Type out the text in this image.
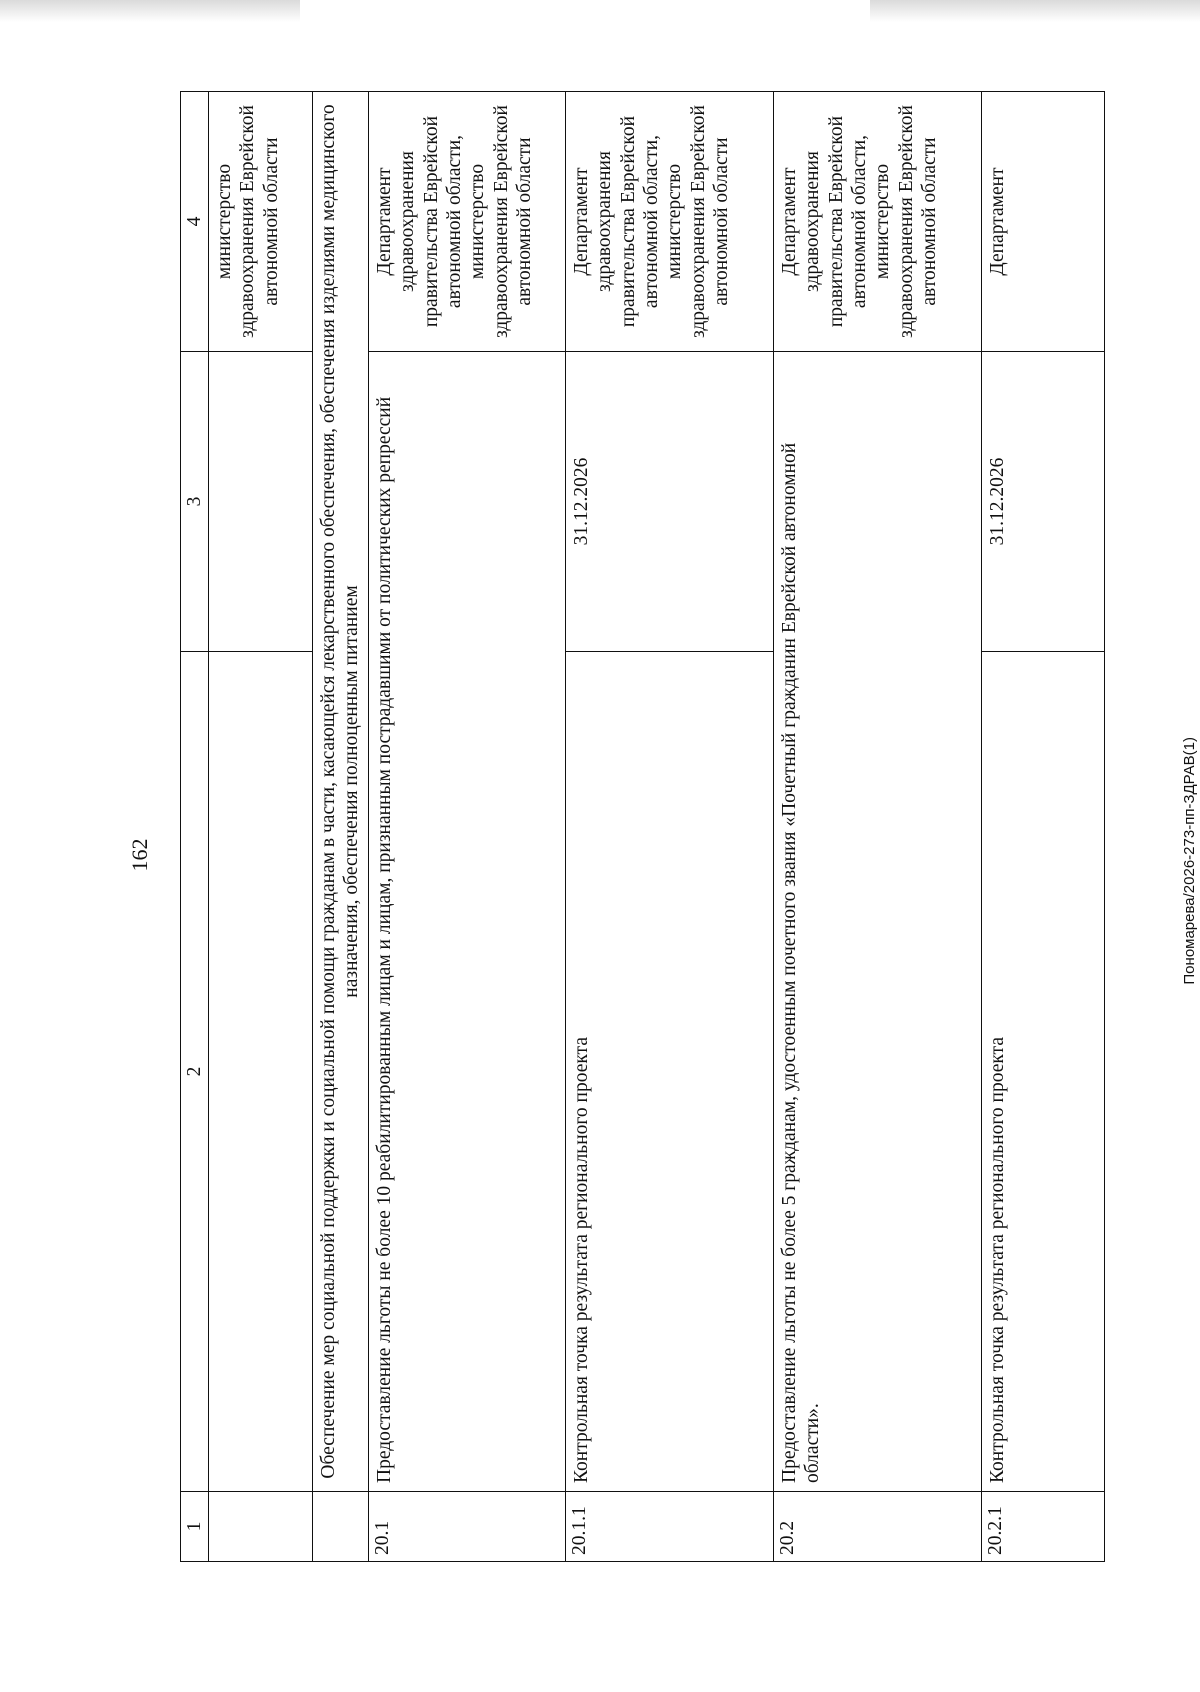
162
1	2	3	4
			министерство здравоохранения Еврейской автономной области
	Обеспечение мер социальной поддержки и социальной помощи гражданам в части, касающейся лекарственного обеспечения, обеспечения изделиями медицинского назначения, обеспечения полноценным питанием		
20.1	Предоставление льготы не более 10 реабилитированным лицам и лицам, признанным пострадавшими от политических репрессий		Департамент здравоохранения правительства Еврейской автономной области, министерство здравоохранения Еврейской автономной области
20.1.1	Контрольная точка результата регионального проекта	31.12.2026	Департамент здравоохранения правительства Еврейской автономной области, министерство здравоохранения Еврейской автономной области
20.2	Предоставление льготы не более 5 гражданам, удостоенным почетного звания «Почетный гражданин Еврейской автономной области».		Департамент здравоохранения правительства Еврейской автономной области, министерство здравоохранения Еврейской автономной области
20.2.1	Контрольная точка результата регионального проекта	31.12.2026	Департамент
Пономарева/2026-273-пп-ЗДРАВ(1)
